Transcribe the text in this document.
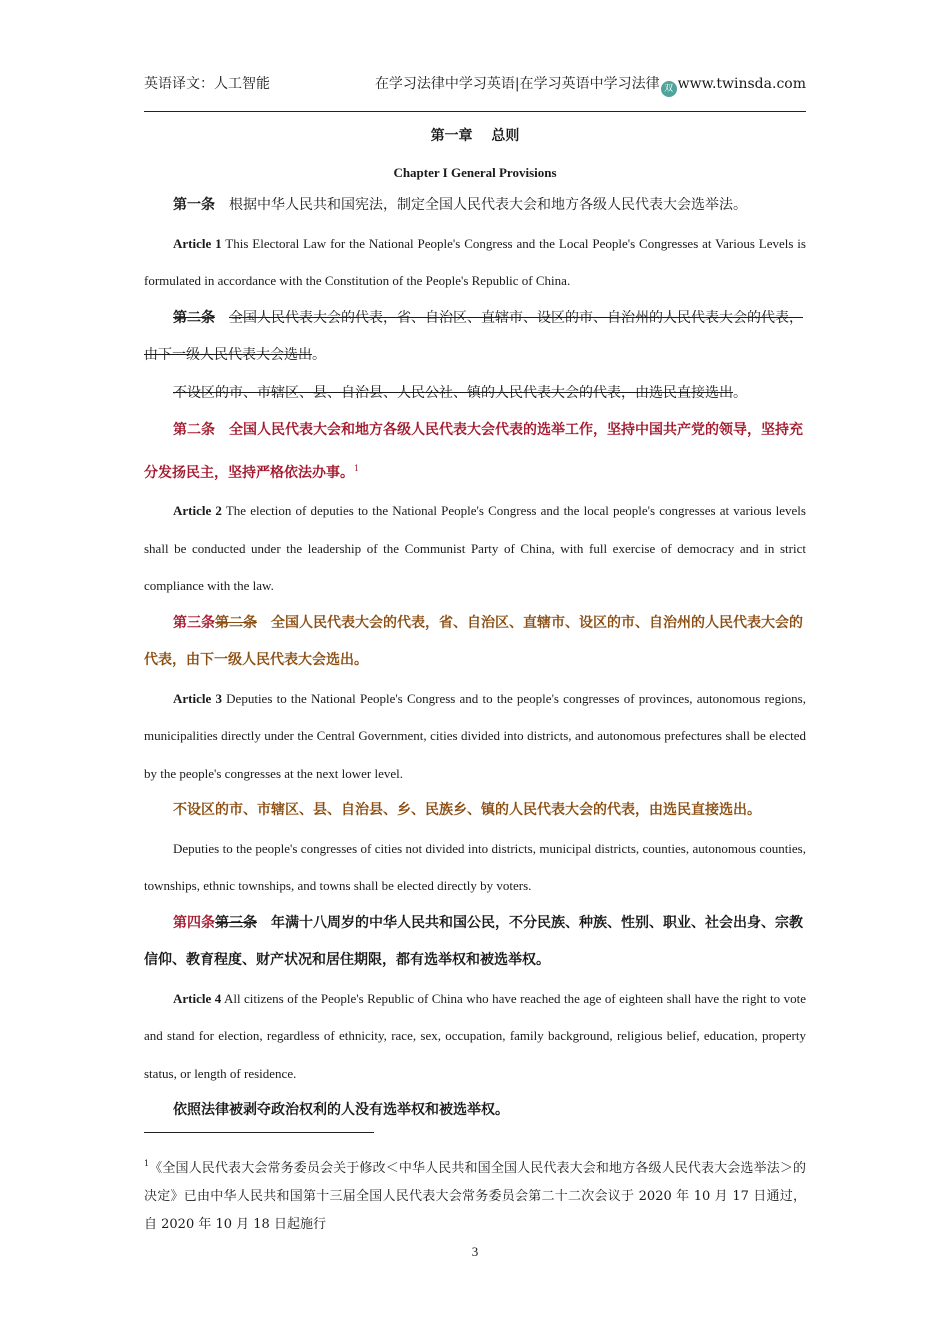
英语译文：人工智能	在学习法律中学习英语|在学习英语中学习法律 双 www.twinsda.com
第一章　 总则
Chapter I General Provisions

第一条 根据中华人民共和国宪法，制定全国人民代表大会和地方各级人民代表大会选举法。

Article 1 This Electoral Law for the National People's Congress and the Local People's Congresses at Various Levels is formulated in accordance with the Constitution of the People's Republic of China.

第二条 全国人民代表大会的代表，省、自治区、直辖市、设区的市、自治州的人民代表大会的代表，由下一级人民代表大会选出。

不设区的市、市辖区、县、自治县、人民公社、镇的人民代表大会的代表，由选民直接选出。

第二条 全国人民代表大会和地方各级人民代表大会代表的选举工作，坚持中国共产党的领导，坚持充分发扬民主，坚持严格依法办事。$^1$

Article 2 The election of deputies to the National People's Congress and the local people's congresses at various levels shall be conducted under the leadership of the Communist Party of China, with full exercise of democracy and in strict compliance with the law.

第三条第二条 全国人民代表大会的代表，省、自治区、直辖市、设区的市、自治州的人民代表大会的代表，由下一级人民代表大会选出。

Article 3 Deputies to the National People's Congress and to the people's congresses of provinces, autonomous regions, municipalities directly under the Central Government, cities divided into districts, and autonomous prefectures shall be elected by the people's congresses at the next lower level.

不设区的市、市辖区、县、自治县、乡、民族乡、镇的人民代表大会的代表，由选民直接选出。

Deputies to the people's congresses of cities not divided into districts, municipal districts, counties, autonomous counties, townships, ethnic townships, and towns shall be elected directly by voters.

第四条第三条 年满十八周岁的中华人民共和国公民，不分民族、种族、性别、职业、社会出身、宗教信仰、教育程度、财产状况和居住期限，都有选举权和被选举权。

Article 4 All citizens of the People's Republic of China who have reached the age of eighteen shall have the right to vote and stand for election, regardless of ethnicity, race, sex, occupation, family background, religious belief, education, property status, or length of residence.

依照法律被剥夺政治权利的人没有选举权和被选举权。

$^1$《全国人民代表大会常务委员会关于修改＜中华人民共和国全国人民代表大会和地方各级人民代表大会选举法＞的决定》已由中华人民共和国第十三届全国人民代表大会常务委员会第二十二次会议于 2020 年 10 月 17 日通过，自 2020 年 10 月 18 日起施行
3
